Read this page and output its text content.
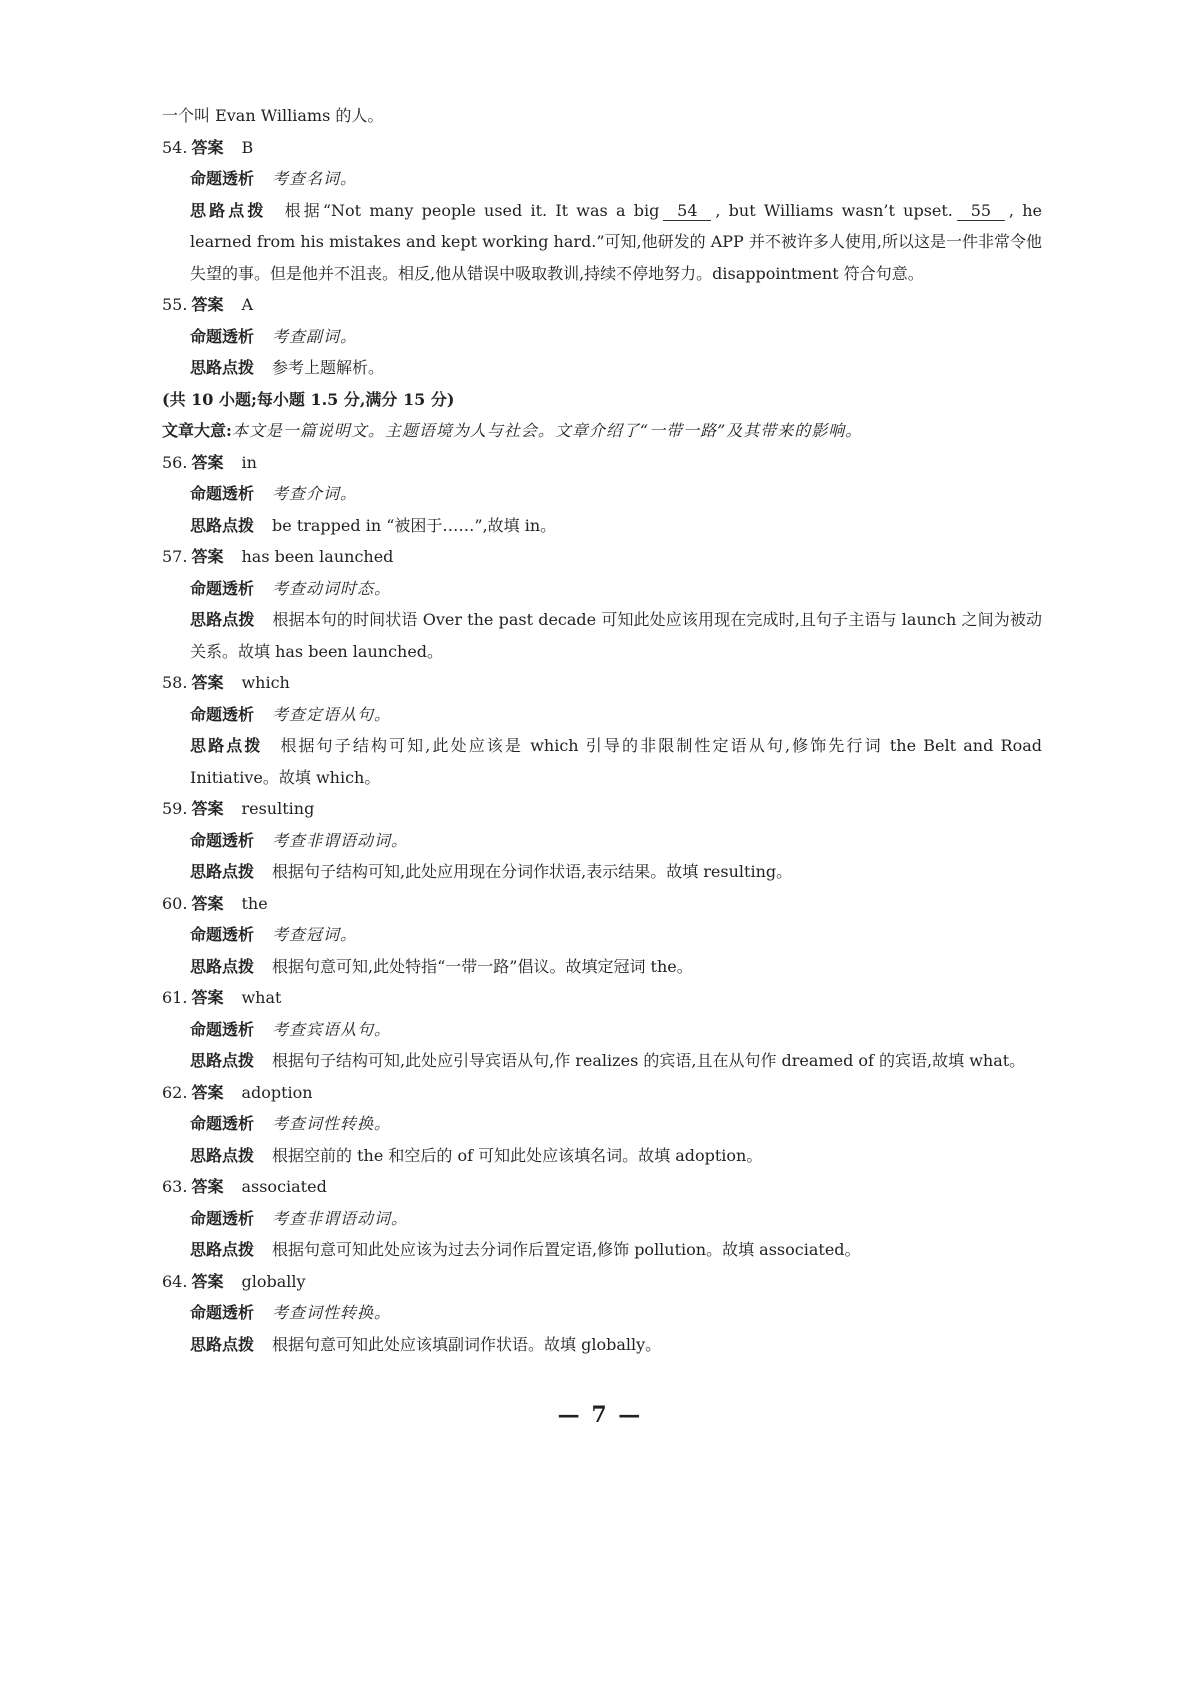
一个叫 Evan Williams 的人。
54. 答案 B
命题透析 考查名词。
思路点拨 根据“Not many people used it. It was a big 54 , but Williams wasn’t upset. 55 , he learned from his mistakes and kept working hard.”可知,他研发的 APP 并不被许多人使用,所以这是一件非常令他失望的事。但是他并不沮丧。相反,他从错误中吸取教训,持续不停地努力。disappointment 符合句意。
55. 答案 A
命题透析 考查副词。
思路点拨 参考上题解析。
(共 10 小题;每小题 1.5 分,满分 15 分)
文章大意:本文是一篇说明文。主题语境为人与社会。文章介绍了“一带一路”及其带来的影响。
56. 答案 in
命题透析 考查介词。
思路点拨 be trapped in “被困于……”,故填 in。
57. 答案 has been launched
命题透析 考查动词时态。
思路点拨 根据本句的时间状语 Over the past decade 可知此处应该用现在完成时,且句子主语与 launch 之间为被动关系。故填 has been launched。
58. 答案 which
命题透析 考查定语从句。
思路点拨 根据句子结构可知,此处应该是 which 引导的非限制性定语从句,修饰先行词 the Belt and Road Initiative。故填 which。
59. 答案 resulting
命题透析 考查非谓语动词。
思路点拨 根据句子结构可知,此处应用现在分词作状语,表示结果。故填 resulting。
60. 答案 the
命题透析 考查冠词。
思路点拨 根据句意可知,此处特指“一带一路”倡议。故填定冠词 the。
61. 答案 what
命题透析 考查宾语从句。
思路点拨 根据句子结构可知,此处应引导宾语从句,作 realizes 的宾语,且在从句作 dreamed of 的宾语,故填 what。
62. 答案 adoption
命题透析 考查词性转换。
思路点拨 根据空前的 the 和空后的 of 可知此处应该填名词。故填 adoption。
63. 答案 associated
命题透析 考查非谓语动词。
思路点拨 根据句意可知此处应该为过去分词作后置定语,修饰 pollution。故填 associated。
64. 答案 globally
命题透析 考查词性转换。
思路点拨 根据句意可知此处应该填副词作状语。故填 globally。
— 7 —
